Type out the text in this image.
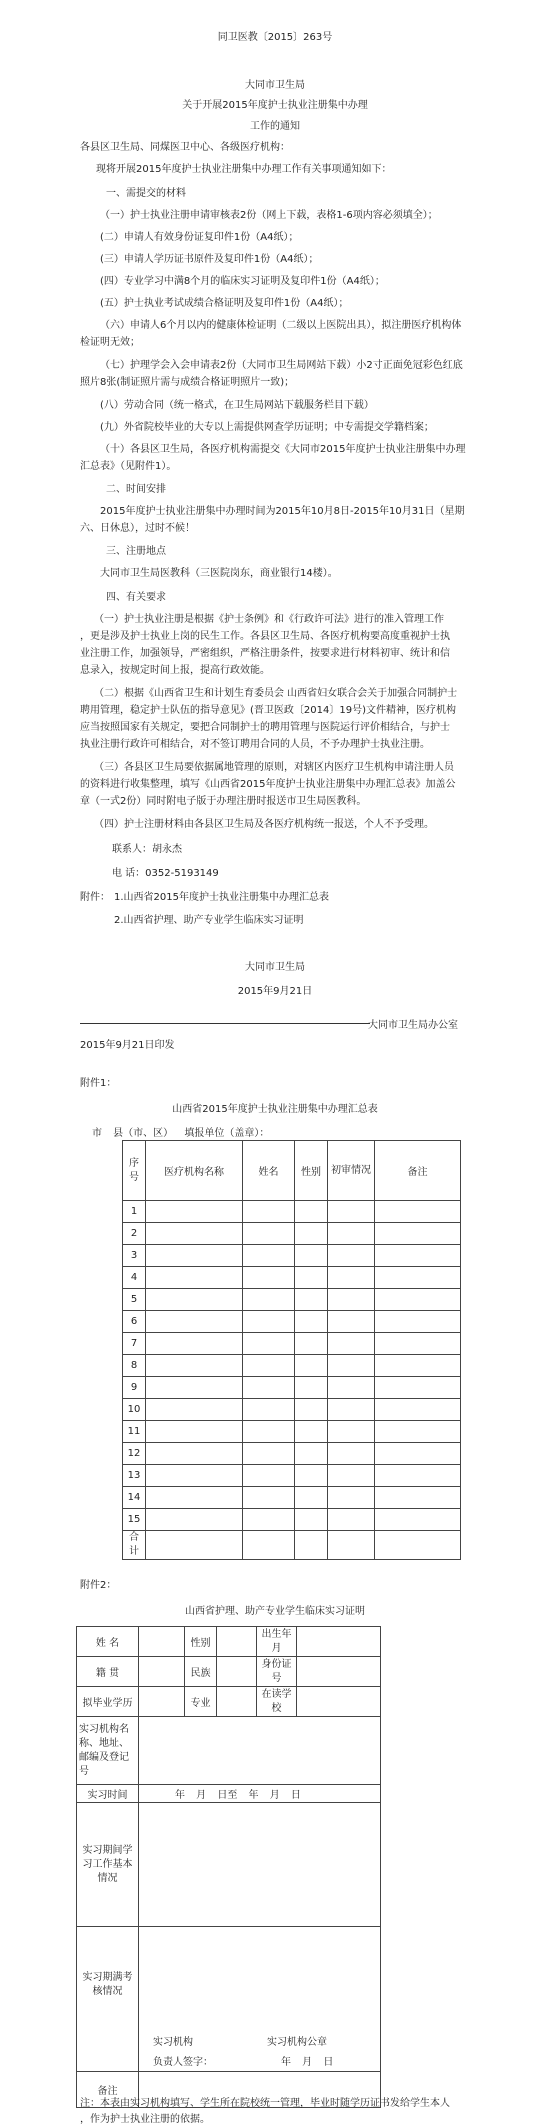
同卫医教〔2015〕263号
大同市卫生局
关于开展2015年度护士执业注册集中办理
工作的通知
各县区卫生局、同煤医卫中心、各级医疗机构：
现将开展2015年度护士执业注册集中办理工作有关事项通知如下：
一、需提交的材料
（一）护士执业注册申请审核表2份（网上下载，表格1-6项内容必须填全）；
(二）申请人有效身份证复印件1份（A4纸）；
(三）申请人学历证书原件及复印件1份（A4纸）；
(四）专业学习中满8个月的临床实习证明及复印件1份（A4纸）；
(五）护士执业考试成绩合格证明及复印件1份（A4纸）；
（六）申请人6个月以内的健康体检证明（二级以上医院出具），拟注册医疗机构体
检证明无效；
（七）护理学会入会申请表2份（大同市卫生局网站下载）小2寸正面免冠彩色红底
照片8张(制证照片需与成绩合格证明照片一致)；
(八）劳动合同（统一格式，在卫生局网站下载服务栏目下载）
(九）外省院校毕业的大专以上需提供网查学历证明；中专需提交学籍档案；
（十）各县区卫生局，各医疗机构需提交《大同市2015年度护士执业注册集中办理
汇总表》（见附件1）。
二、时间安排
2015年度护士执业注册集中办理时间为2015年10月8日-2015年10月31日（星期
六、日休息），过时不候！
三、注册地点
大同市卫生局医教科（三医院岗东，商业银行14楼）。
四、有关要求
（一）护士执业注册是根据《护士条例》和《行政许可法》进行的准入管理工作
，更是涉及护士执业上岗的民生工作。各县区卫生局、各医疗机构要高度重视护士执
业注册工作，加强领导，严密组织，严格注册条件，按要求进行材料初审、统计和信
息录入，按规定时间上报，提高行政效能。
（二）根据《山西省卫生和计划生育委员会 山西省妇女联合会关于加强合同制护士
聘用管理，稳定护士队伍的指导意见》(晋卫医政〔2014〕19号)文件精神，医疗机构
应当按照国家有关规定，要把合同制护士的聘用管理与医院运行评价相结合，与护士
执业注册行政许可相结合，对不签订聘用合同的人员，不予办理护士执业注册。
（三）各县区卫生局要依据属地管理的原则，对辖区内医疗卫生机构申请注册人员
的资料进行收集整理，填写《山西省2015年度护士执业注册集中办理汇总表》加盖公
章（一式2份）同时附电子版于办理注册时报送市卫生局医教科。
（四）护士注册材料由各县区卫生局及各医疗机构统一报送，个人不予受理。
联系人：胡永杰
电 话：0352-5193149
附件： 1.山西省2015年度护士执业注册集中办理汇总表
2.山西省护理、助产专业学生临床实习证明
大同市卫生局
2015年9月21日
大同市卫生局办公室
2015年9月21日印发
附件1：
山西省2015年度护士执业注册集中办理汇总表
市 县（市、区） 填报单位（盖章）：
序号	医疗机构名称	姓名	性别	初审情况	备注
1					
2					
3					
4					
5					
6					
7					
8					
9					
10					
11					
12					
13					
14					
15					
合计					
附件2：
山西省护理、助产专业学生临床实习证明
姓 名		性别		出生年月	
籍 贯		民族		身份证号	
拟毕业学历		专业		在读学校	
实习机构名称、地址、邮编及登记号					
实习时间	年 月 日至 年 月 日				
实习期间学习工作基本情况					
实习期满考核情况	实习机构 实习机构公章
负责人签字： 年 月 日				

备注					
注：本表由实习机构填写、学生所在院校统一管理，毕业时随学历证书发给学生本人
，作为护士执业注册的依据。
